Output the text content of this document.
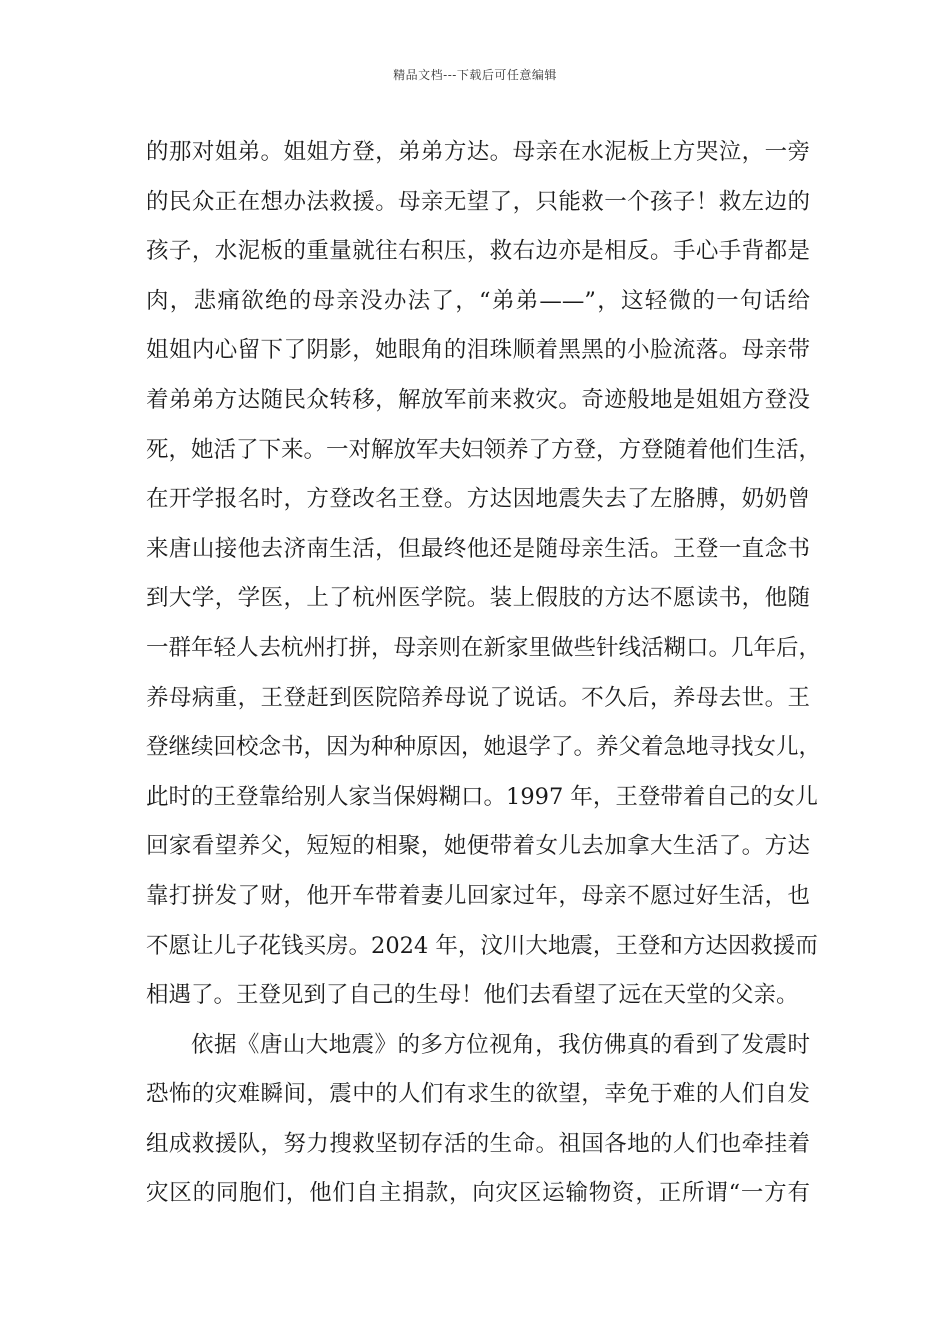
精品文档---下载后可任意编辑
的那对姐弟。姐姐方登，弟弟方达。母亲在水泥板上方哭泣，一旁
的民众正在想办法救援。母亲无望了，只能救一个孩子！救左边的
孩子，水泥板的重量就往右积压，救右边亦是相反。手心手背都是
肉，悲痛欲绝的母亲没办法了，“弟弟——”，这轻微的一句话给
姐姐内心留下了阴影，她眼角的泪珠顺着黑黑的小脸流落。母亲带
着弟弟方达随民众转移，解放军前来救灾。奇迹般地是姐姐方登没
死，她活了下来。一对解放军夫妇领养了方登，方登随着他们生活，
在开学报名时，方登改名王登。方达因地震失去了左胳膊，奶奶曾
来唐山接他去济南生活，但最终他还是随母亲生活。王登一直念书
到大学，学医，上了杭州医学院。装上假肢的方达不愿读书，他随
一群年轻人去杭州打拼，母亲则在新家里做些针线活糊口。几年后，
养母病重，王登赶到医院陪养母说了说话。不久后，养母去世。王
登继续回校念书，因为种种原因，她退学了。养父着急地寻找女儿，
此时的王登靠给别人家当保姆糊口。1997 年，王登带着自己的女儿
回家看望养父，短短的相聚，她便带着女儿去加拿大生活了。方达
靠打拼发了财，他开车带着妻儿回家过年，母亲不愿过好生活，也
不愿让儿子花钱买房。2024 年，汶川大地震，王登和方达因救援而
相遇了。王登见到了自己的生母！他们去看望了远在天堂的父亲。
依据《唐山大地震》的多方位视角，我仿佛真的看到了发震时
恐怖的灾难瞬间，震中的人们有求生的欲望，幸免于难的人们自发
组成救援队，努力搜救坚韧存活的生命。祖国各地的人们也牵挂着
灾区的同胞们，他们自主捐款，向灾区运输物资，正所谓“一方有
